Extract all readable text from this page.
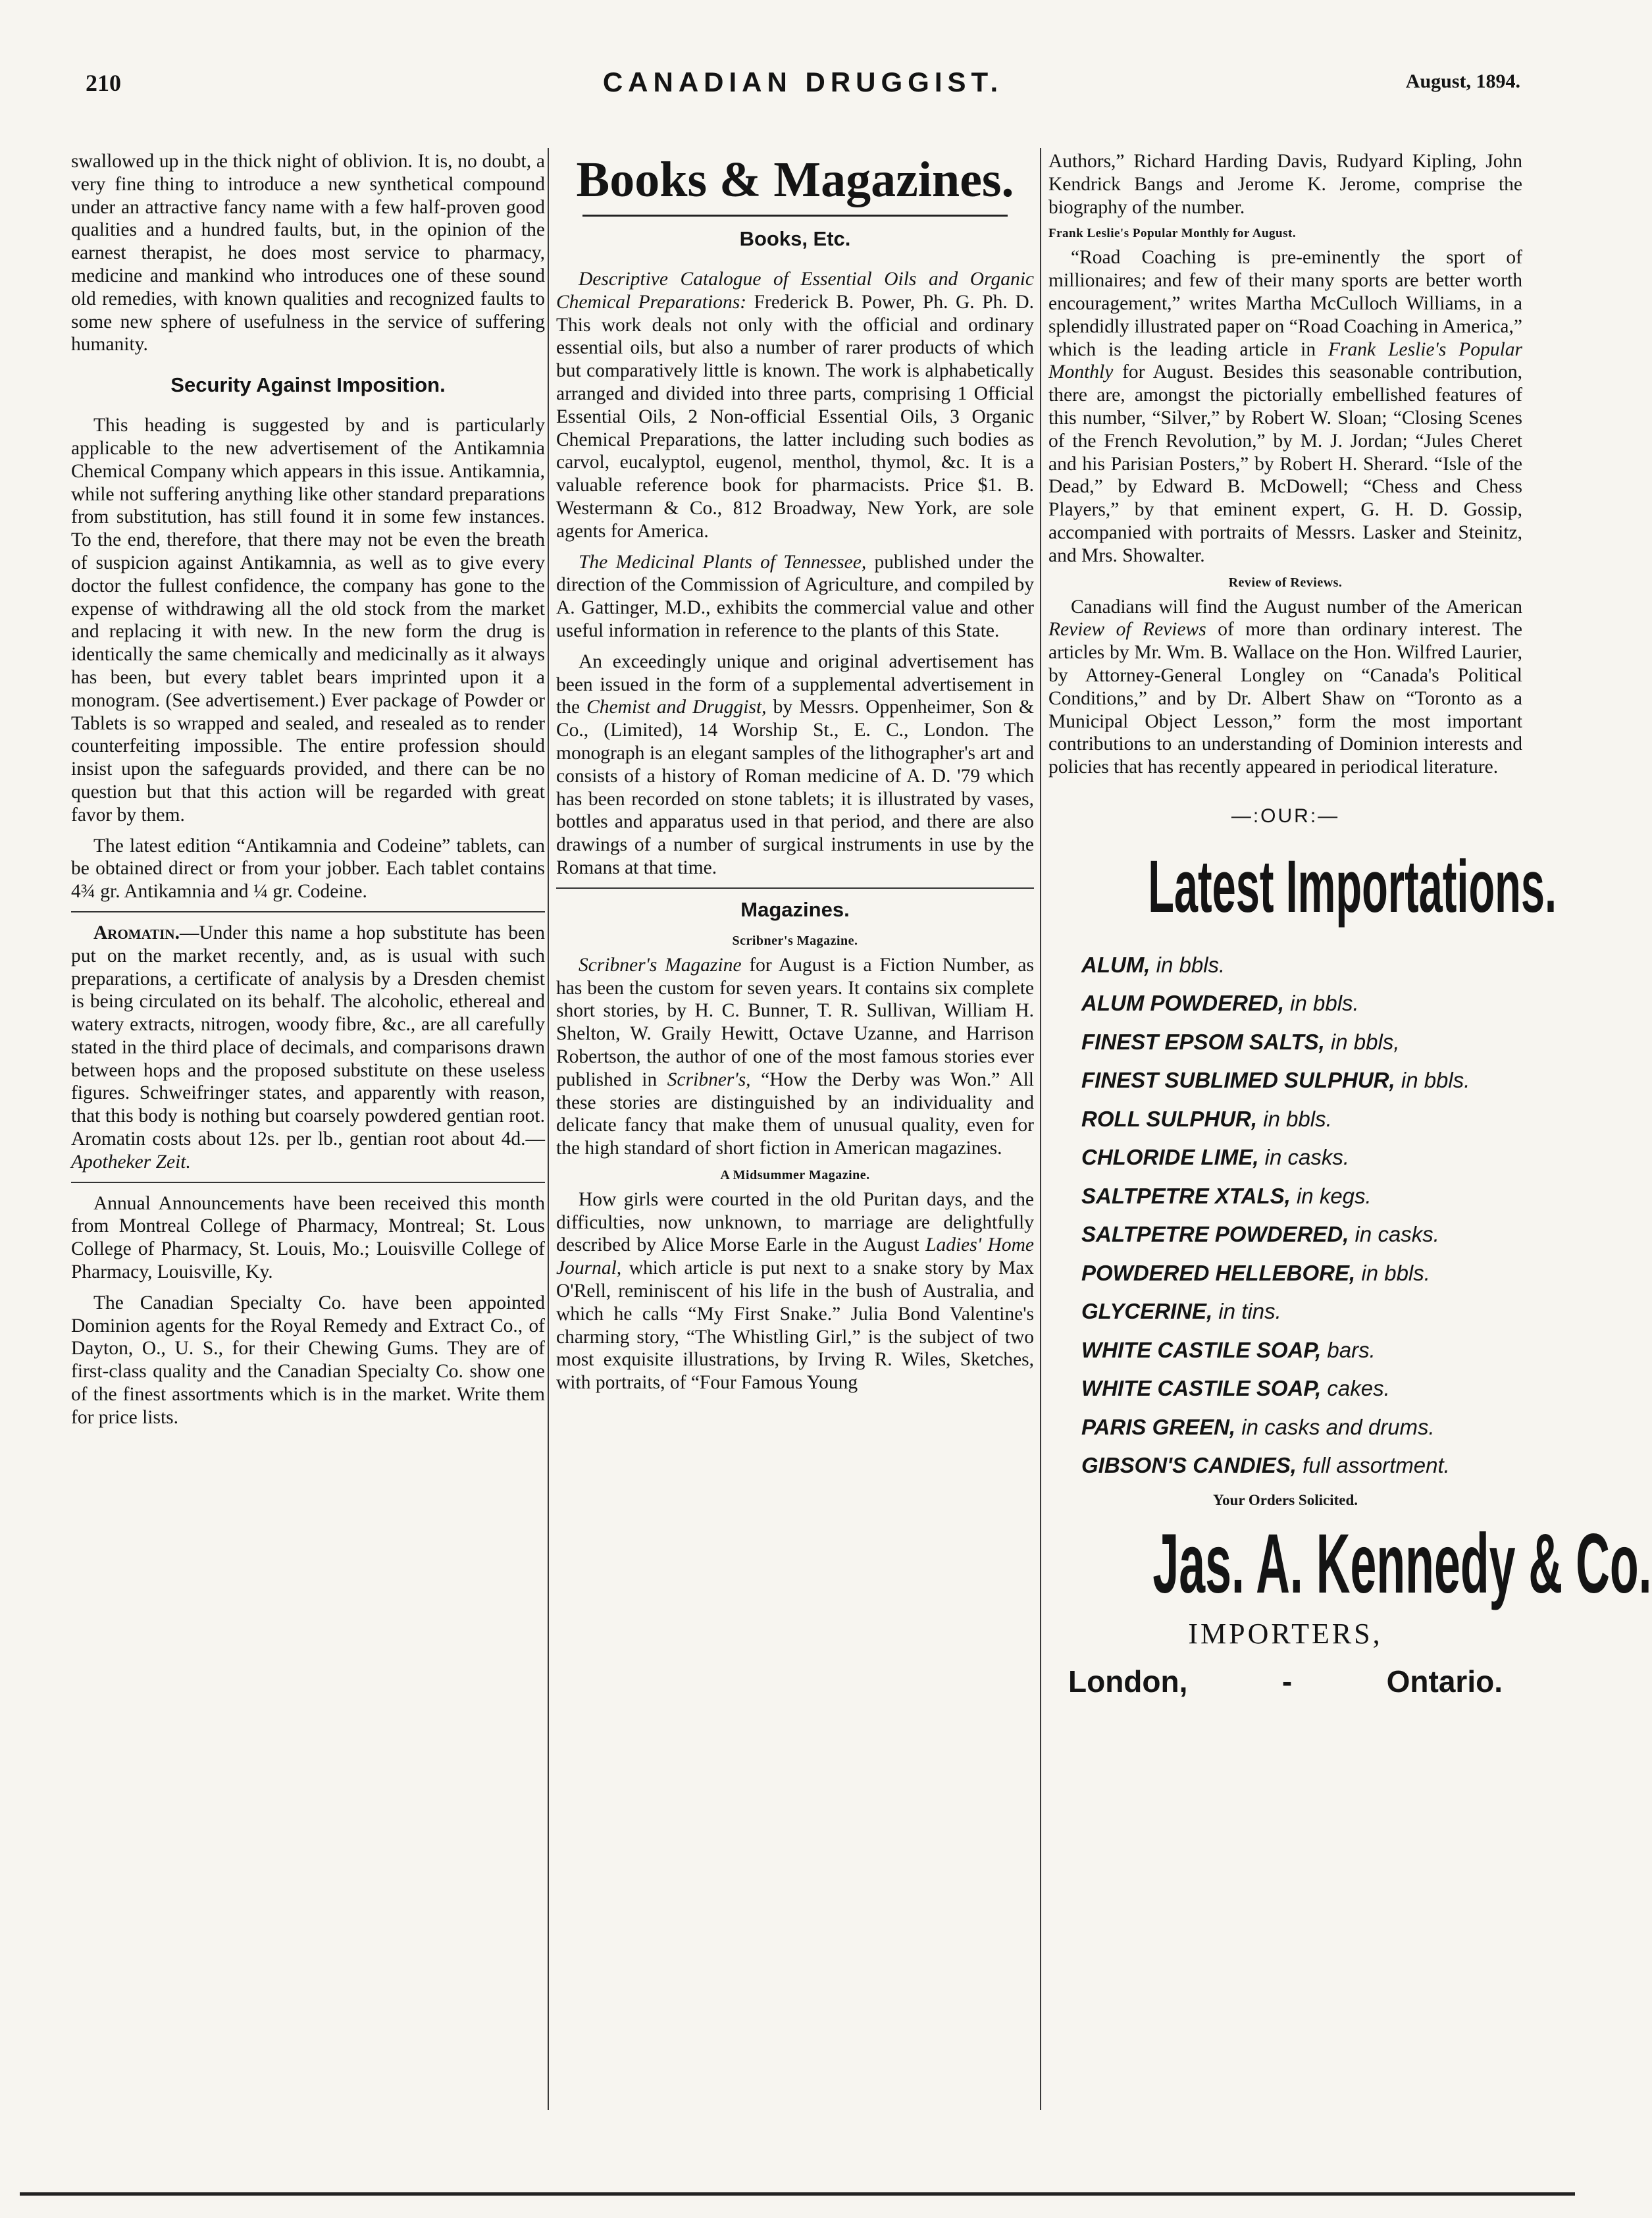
210	CANADIAN DRUGGIST.	August, 1894.

swallowed up in the thick night of oblivion. It is, no doubt, a very fine thing to introduce a new synthetical compound under an attractive fancy name with a few half-proven good qualities and a hundred faults, but, in the opinion of the earnest therapist, he does most service to pharmacy, medicine and mankind who introduces one of these sound old remedies, with known qualities and recognized faults to some new sphere of usefulness in the service of suffering humanity.

Security Against Imposition.

This heading is suggested by and is particularly applicable to the new advertisement of the Antikamnia Chemical Company which appears in this issue. Antikamnia, while not suffering anything like other standard preparations from substitution, has still found it in some few instances. To the end, therefore, that there may not be even the breath of suspicion against Antikamnia, as well as to give every doctor the fullest confidence, the company has gone to the expense of withdrawing all the old stock from the market and replacing it with new. In the new form the drug is identically the same chemically and medicinally as it always has been, but every tablet bears imprinted upon it a monogram. (See advertisement.) Ever package of Powder or Tablets is so wrapped and sealed, and resealed as to render counterfeiting impossible. The entire profession should insist upon the safeguards provided, and there can be no question but that this action will be regarded with great favor by them.

The latest edition “Antikamnia and Codeine” tablets, can be obtained direct or from your jobber. Each tablet contains 4¾ gr. Antikamnia and ¼ gr. Codeine.

Aromatin.—Under this name a hop substitute has been put on the market recently, and, as is usual with such preparations, a certificate of analysis by a Dresden chemist is being circulated on its behalf. The alcoholic, ethereal and watery extracts, nitrogen, woody fibre, &c., are all carefully stated in the third place of decimals, and comparisons drawn between hops and the proposed substitute on these useless figures. Schweifringer states, and apparently with reason, that this body is nothing but coarsely powdered gentian root. Aromatin costs about 12s. per lb., gentian root about 4d.—Apotheker Zeit.

Annual Announcements have been received this month from Montreal College of Pharmacy, Montreal; St. Lous College of Pharmacy, St. Louis, Mo.; Louisville College of Pharmacy, Louisville, Ky.

The Canadian Specialty Co. have been appointed Dominion agents for the Royal Remedy and Extract Co., of Dayton, O., U. S., for their Chewing Gums. They are of first-class quality and the Canadian Specialty Co. show one of the finest assortments which is in the market. Write them for price lists.

Books & Magazines.
Books, Etc.

Descriptive Catalogue of Essential Oils and Organic Chemical Preparations: Frederick B. Power, Ph. G. Ph. D. This work deals not only with the official and ordinary essential oils, but also a number of rarer products of which but comparatively little is known. The work is alphabetically arranged and divided into three parts, comprising 1 Official Essential Oils, 2 Non-official Essential Oils, 3 Organic Chemical Preparations, the latter including such bodies as carvol, eucalyptol, eugenol, menthol, thymol, &c. It is a valuable reference book for pharmacists. Price $1. B. Westermann & Co., 812 Broadway, New York, are sole agents for America.

The Medicinal Plants of Tennessee, published under the direction of the Commission of Agriculture, and compiled by A. Gattinger, M.D., exhibits the commercial value and other useful information in reference to the plants of this State.

An exceedingly unique and original advertisement has been issued in the form of a supplemental advertisement in the Chemist and Druggist, by Messrs. Oppenheimer, Son & Co., (Limited), 14 Worship St., E. C., London. The monograph is an elegant samples of the lithographer's art and consists of a history of Roman medicine of A. D. '79 which has been recorded on stone tablets; it is illustrated by vases, bottles and apparatus used in that period, and there are also drawings of a number of surgical instruments in use by the Romans at that time.

Magazines.
Scribner's Magazine.

Scribner's Magazine for August is a Fiction Number, as has been the custom for seven years. It contains six complete short stories, by H. C. Bunner, T. R. Sullivan, William H. Shelton, W. Graily Hewitt, Octave Uzanne, and Harrison Robertson, the author of one of the most famous stories ever published in Scribner's, “How the Derby was Won.” All these stories are distinguished by an individuality and delicate fancy that make them of unusual quality, even for the high standard of short fiction in American magazines.

A Midsummer Magazine.

How girls were courted in the old Puritan days, and the difficulties, now unknown, to marriage are delightfully described by Alice Morse Earle in the August Ladies' Home Journal, which article is put next to a snake story by Max O'Rell, reminiscent of his life in the bush of Australia, and which he calls “My First Snake.” Julia Bond Valentine's charming story, “The Whistling Girl,” is the subject of two most exquisite illustrations, by Irving R. Wiles, Sketches, with portraits, of “Four Famous Young

Authors,” Richard Harding Davis, Rudyard Kipling, John Kendrick Bangs and Jerome K. Jerome, comprise the biography of the number.

Frank Leslie's Popular Monthly for August.

“Road Coaching is pre-eminently the sport of millionaires; and few of their many sports are better worth encouragement,” writes Martha McCulloch Williams, in a splendidly illustrated paper on “Road Coaching in America,” which is the leading article in Frank Leslie's Popular Monthly for August. Besides this seasonable contribution, there are, amongst the pictorially embellished features of this number, “Silver,” by Robert W. Sloan; “Closing Scenes of the French Revolution,” by M. J. Jordan; “Jules Cheret and his Parisian Posters,” by Robert H. Sherard. “Isle of the Dead,” by Edward B. McDowell; “Chess and Chess Players,” by that eminent expert, G. H. D. Gossip, accompanied with portraits of Messrs. Lasker and Steinitz, and Mrs. Showalter.

Review of Reviews.

Canadians will find the August number of the American Review of Reviews of more than ordinary interest. The articles by Mr. Wm. B. Wallace on the Hon. Wilfred Laurier, by Attorney-General Longley on “Canada's Political Conditions,” and by Dr. Albert Shaw on “Toronto as a Municipal Object Lesson,” form the most important contributions to an understanding of Dominion interests and policies that has recently appeared in periodical literature.

—:OUR:—
Latest Importations.
ALUM, in bbls.
ALUM POWDERED, in bbls.
FINEST EPSOM SALTS, in bbls,
FINEST SUBLIMED SULPHUR, in bbls.
ROLL SULPHUR, in bbls.
CHLORIDE LIME, in casks.
SALTPETRE XTALS, in kegs.
SALTPETRE POWDERED, in casks.
POWDERED HELLEBORE, in bbls.
GLYCERINE, in tins.
WHITE CASTILE SOAP, bars.
WHITE CASTILE SOAP, cakes.
PARIS GREEN, in casks and drums.
GIBSON'S CANDIES, full assortment.
Your Orders Solicited.
Jas. A. Kennedy & Co.
IMPORTERS,
London,	-	Ontario.
